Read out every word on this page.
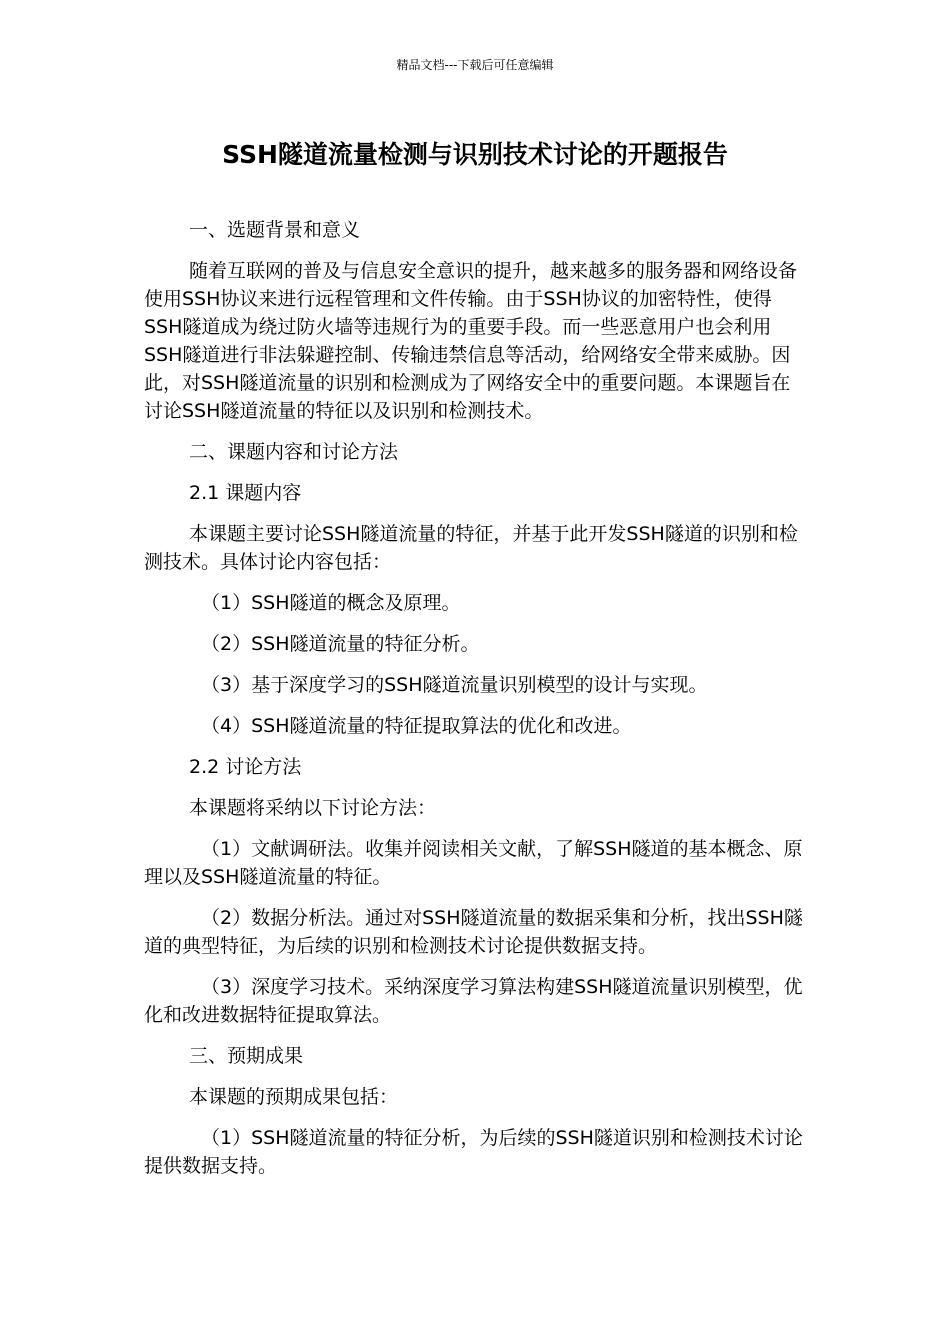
精品文档---下载后可任意编辑
SSH隧道流量检测与识别技术讨论的开题报告

一、选题背景和意义

随着互联网的普及与信息安全意识的提升，越来越多的服务器和网络设备使用SSH协议来进行远程管理和文件传输。由于SSH协议的加密特性，使得SSH隧道成为绕过防火墙等违规行为的重要手段。而一些恶意用户也会利用SSH隧道进行非法躲避控制、传输违禁信息等活动，给网络安全带来威胁。因此，对SSH隧道流量的识别和检测成为了网络安全中的重要问题。本课题旨在讨论SSH隧道流量的特征以及识别和检测技术。

二、课题内容和讨论方法

2.1 课题内容

本课题主要讨论SSH隧道流量的特征，并基于此开发SSH隧道的识别和检测技术。具体讨论内容包括：

（1）SSH隧道的概念及原理。

（2）SSH隧道流量的特征分析。

（3）基于深度学习的SSH隧道流量识别模型的设计与实现。

（4）SSH隧道流量的特征提取算法的优化和改进。

2.2 讨论方法

本课题将采纳以下讨论方法：

（1）文献调研法。收集并阅读相关文献，了解SSH隧道的基本概念、原理以及SSH隧道流量的特征。

（2）数据分析法。通过对SSH隧道流量的数据采集和分析，找出SSH隧道的典型特征，为后续的识别和检测技术讨论提供数据支持。

（3）深度学习技术。采纳深度学习算法构建SSH隧道流量识别模型，优化和改进数据特征提取算法。

三、预期成果

本课题的预期成果包括：

（1）SSH隧道流量的特征分析，为后续的SSH隧道识别和检测技术讨论提供数据支持。
